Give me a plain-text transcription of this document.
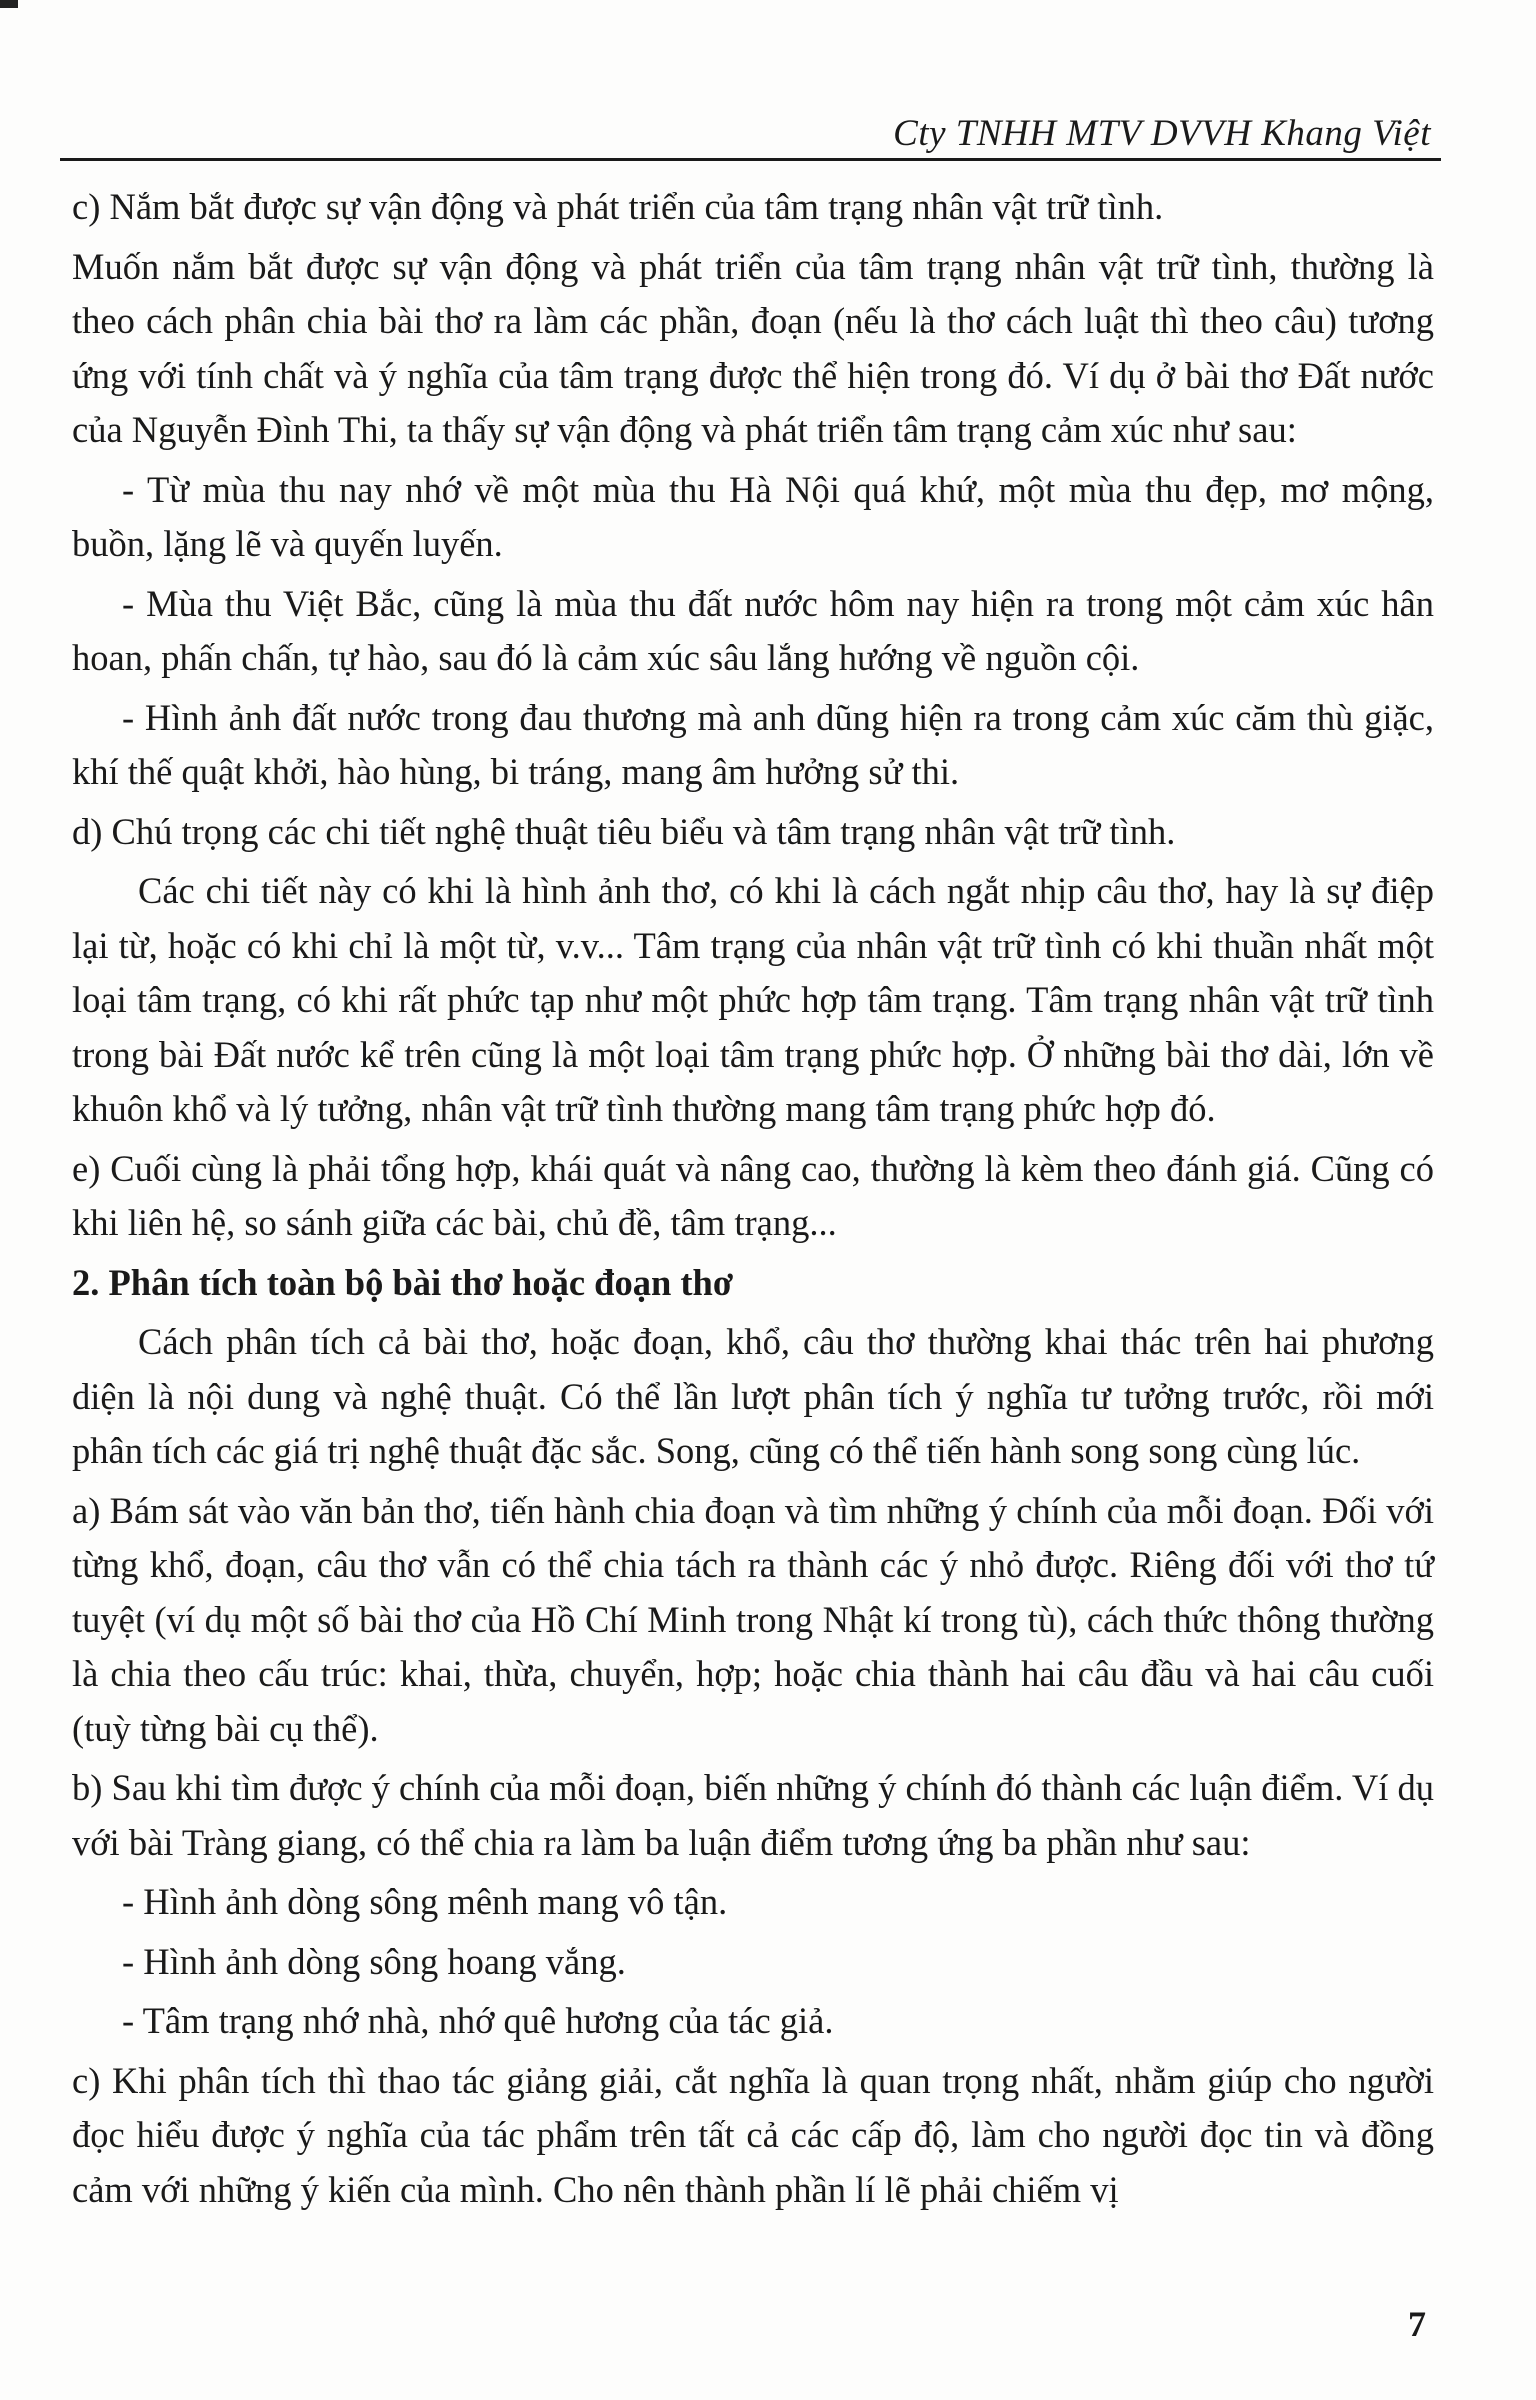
Cty TNHH MTV DVVH Khang Việt

c) Nắm bắt được sự vận động và phát triển của tâm trạng nhân vật trữ tình.

Muốn nắm bắt được sự vận động và phát triển của tâm trạng nhân vật trữ tình, thường là theo cách phân chia bài thơ ra làm các phần, đoạn (nếu là thơ cách luật thì theo câu) tương ứng với tính chất và ý nghĩa của tâm trạng được thể hiện trong đó. Ví dụ ở bài thơ Đất nước của Nguyễn Đình Thi, ta thấy sự vận động và phát triển tâm trạng cảm xúc như sau:

- Từ mùa thu nay nhớ về một mùa thu Hà Nội quá khứ, một mùa thu đẹp, mơ mộng, buồn, lặng lẽ và quyến luyến.

- Mùa thu Việt Bắc, cũng là mùa thu đất nước hôm nay hiện ra trong một cảm xúc hân hoan, phấn chấn, tự hào, sau đó là cảm xúc sâu lắng hướng về nguồn cội.

- Hình ảnh đất nước trong đau thương mà anh dũng hiện ra trong cảm xúc căm thù giặc, khí thế quật khởi, hào hùng, bi tráng, mang âm hưởng sử thi.

d) Chú trọng các chi tiết nghệ thuật tiêu biểu và tâm trạng nhân vật trữ tình.

Các chi tiết này có khi là hình ảnh thơ, có khi là cách ngắt nhịp câu thơ, hay là sự điệp lại từ, hoặc có khi chỉ là một từ, v.v... Tâm trạng của nhân vật trữ tình có khi thuần nhất một loại tâm trạng, có khi rất phức tạp như một phức hợp tâm trạng. Tâm trạng nhân vật trữ tình trong bài Đất nước kể trên cũng là một loại tâm trạng phức hợp. Ở những bài thơ dài, lớn về khuôn khổ và lý tưởng, nhân vật trữ tình thường mang tâm trạng phức hợp đó.

e) Cuối cùng là phải tổng hợp, khái quát và nâng cao, thường là kèm theo đánh giá. Cũng có khi liên hệ, so sánh giữa các bài, chủ đề, tâm trạng...

2. Phân tích toàn bộ bài thơ hoặc đoạn thơ

Cách phân tích cả bài thơ, hoặc đoạn, khổ, câu thơ thường khai thác trên hai phương diện là nội dung và nghệ thuật. Có thể lần lượt phân tích ý nghĩa tư tưởng trước, rồi mới phân tích các giá trị nghệ thuật đặc sắc. Song, cũng có thể tiến hành song song cùng lúc.

a) Bám sát vào văn bản thơ, tiến hành chia đoạn và tìm những ý chính của mỗi đoạn. Đối với từng khổ, đoạn, câu thơ vẫn có thể chia tách ra thành các ý nhỏ được. Riêng đối với thơ tứ tuyệt (ví dụ một số bài thơ của Hồ Chí Minh trong Nhật kí trong tù), cách thức thông thường là chia theo cấu trúc: khai, thừa, chuyển, hợp; hoặc chia thành hai câu đầu và hai câu cuối (tuỳ từng bài cụ thể).

b) Sau khi tìm được ý chính của mỗi đoạn, biến những ý chính đó thành các luận điểm. Ví dụ với bài Tràng giang, có thể chia ra làm ba luận điểm tương ứng ba phần như sau:

- Hình ảnh dòng sông mênh mang vô tận.

- Hình ảnh dòng sông hoang vắng.

- Tâm trạng nhớ nhà, nhớ quê hương của tác giả.

c) Khi phân tích thì thao tác giảng giải, cắt nghĩa là quan trọng nhất, nhằm giúp cho người đọc hiểu được ý nghĩa của tác phẩm trên tất cả các cấp độ, làm cho người đọc tin và đồng cảm với những ý kiến của mình. Cho nên thành phần lí lẽ phải chiếm vị

7
